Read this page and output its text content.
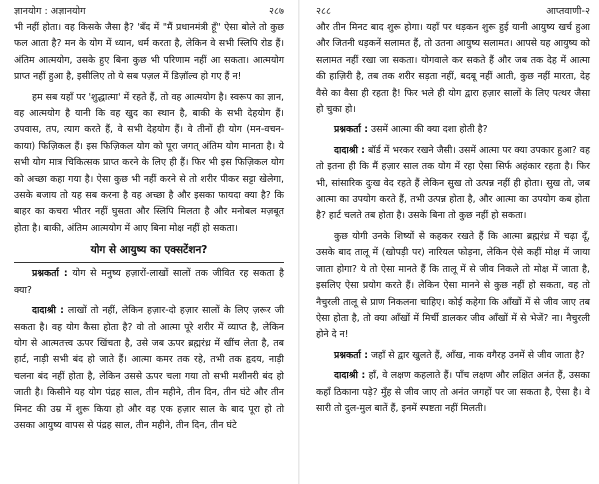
ज्ञानयोग : अज्ञानयोग	२८७

भी नहीं होता। वह किसके जैसा है? 'बँद में "मैं प्रधानमंत्री हूँ" ऐसा बोले तो कुछ फल आता है? मन के योग में ध्यान, धर्म करता है, लेकिन वे सभी स्लिपि रोड हैं। अंतिम आत्मयोग, उसके हुए बिना कुछ भी परिणाम नहीं आ सकता। आत्मयोग प्राप्त नहीं हुआ है, इसीलिए तो ये सब पज़ल में डिज़ॉल्व हो गए हैं न!

हम सब यहाँ पर 'शुद्धात्मा' में रहते हैं, तो वह आत्मयोग है। स्वरूप का ज्ञान, वह आत्मयोग है यानी कि वह खुद का स्थान है, बाकी के सभी देहयोग हैं। उपवास, तप, त्याग करते हैं, वे सभी देहयोग हैं। वे तीनों ही योग (मन-वचन-काया) फिज़िकल हैं। इस फिज़िकल योग को पूरा जगत् अंतिम योग मानता है। ये सभी योग मात्र चिकित्सक प्राप्त करने के लिए ही हैं। फिर भी इस फिज़िकल योग को अच्छा कहा गया है। ऐसा कुछ भी नहीं करने से तो शरीर पीकर सट्टा खेलेगा, उसके बजाय तो यह सब करना है वह अच्छा है और इसका फायदा क्या है? कि बाहर का कचरा भीतर नहीं घुसता और स्लिपि मिलता है और मनोबल मज़बूत होता है। बाकी, अंतिम आत्मयोग में आए बिना मोक्ष नहीं हो सकता।

योग से आयुष्य का एक्सटेंशन?

प्रश्नकर्ता : योग से मनुष्य हज़ारों-लाखों सालों तक जीवित रह सकता है क्या?

दादाश्री : लाखों तो नहीं, लेकिन हज़ार-दो हज़ार सालों के लिए ज़रूर जी सकता है। वह योग कैसा होता है? वो तो आत्मा पूरे शरीर में व्याप्त है, लेकिन योग से आत्मतत्त्व ऊपर खिंचता है, उसे जब ऊपर ब्रह्मरंध्र में खींच लेता है, तब हार्ट, नाड़ी सभी बंद हो जाते हैं। आत्मा कमर तक रहे, तभी तक हृदय, नाड़ी चलना बंद नहीं होता है, लेकिन उससे ऊपर चला गया तो सभी मशीनरी बंद हो जाती है। किसीने यह योग पंद्रह साल, तीन महीने, तीन दिन, तीन घंटे और तीन मिनट की उम्र में शुरू किया हो और वह एक हज़ार साल के बाद पूरा हो तो उसका आयुष्य वापस से पंद्रह साल, तीन महीने, तीन दिन, तीन घंटे

२८८	आप्तवाणी-२

और तीन मिनट बाद शुरू होगा। यहाँ पर धड़कन शुरू हुई यानी आयुष्य खर्च हुआ और जितनी धड़कनें सलामत हैं, तो उतना आयुष्य सलामत। आपसे यह आयुष्य को सलामत नहीं रखा जा सकता। योगवाले कर सकते हैं और जब तक देह में आत्मा की हाज़िरी है, तब तक शरीर सड़ता नहीं, बदबू नहीं आती, कुछ नहीं मारता, देह वैसे का वैसा ही रहता है! फिर भले ही योग द्वारा हज़ार सालों के लिए पत्थर जैसा हो चुका हो।

प्रश्नकर्ता : उसमें आत्मा की क्या दशा होती है?

दादाश्री : बॉर्ड में भरकर रखने जैसी। उसमें आत्मा पर क्या उपकार हुआ? वह तो इतना ही कि मैं हज़ार साल तक योग में रहा ऐसा सिर्फ अहंकार रहता है। फिर भी, सांसारिक दुःख वेद रहते हैं लेकिन सुख तो उत्पन्न नहीं ही होता। सुख तो, जब आत्मा का उपयोग करते हैं, तभी उत्पन्न होता है, और आत्मा का उपयोग कब होता है? हार्ट चलते तब होता है। उसके बिना तो कुछ नहीं हो सकता।

कुछ योगी उनके शिष्यों से कहकर रखते हैं कि आत्मा ब्रह्मरंध्र में चढ़ा दूँ, उसके बाद तालू में (खोपड़ी पर) नारियल फोड़ना, लेकिन ऐसे कहीं मोक्ष में जाया जाता होगा? ये तो ऐसा मानते हैं कि तालू में से जीव निकले तो मोक्ष में जाता है, इसलिए ऐसा प्रयोग करते हैं। लेकिन ऐसा मानने से कुछ नहीं हो सकता, वह तो नैचुरली तालू से प्राण निकलना चाहिए। कोई कहेगा कि आँखों में से जीव जाए तब ऐसा होता है, तो क्या आँखों में मिर्ची डालकर जीव आँखों में से भेजें? ना। नैचुरली होने दे न!

प्रश्नकर्ता : जहाँ से द्वार खुलते हैं, आँख, नाक वगैरह उनमें से जीव जाता है?

दादाश्री : हाँ, वे लक्षण कहलाते हैं। पाँच लक्षण और लक्षित अनंत हैं, उसका कहाँ ठिकाना पड़े? मुँह से जीव जाए तो अनंत जगहों पर जा सकता है, ऐसा है। वे सारी तो दुल-मुल बातें हैं, इनमें स्पष्टता नहीं मिलती।
